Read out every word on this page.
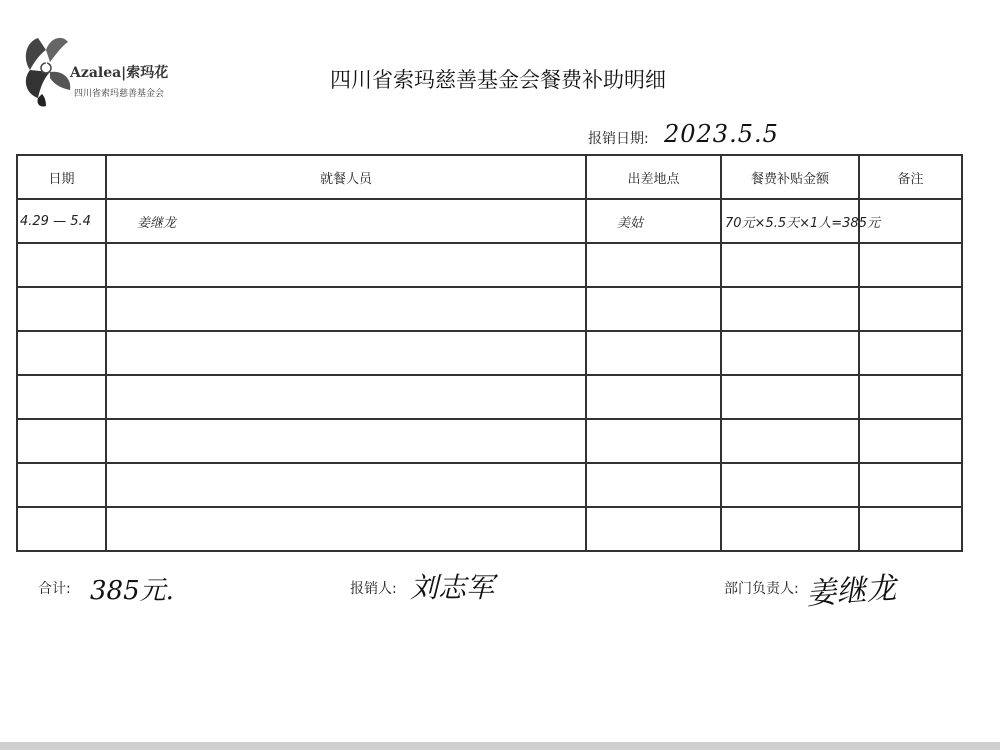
Azalea|索玛花
四川省索玛慈善基金会
四川省索玛慈善基金会餐费补助明细
报销日期: 2023.5.5
日期	就餐人员	出差地点	餐费补贴金额	备注
4.29 — 5.4	姜继龙	美姑	70元×5.5天×1人=385元	

合计: 385元.	报销人: 刘志军	部门负责人: 姜继龙
